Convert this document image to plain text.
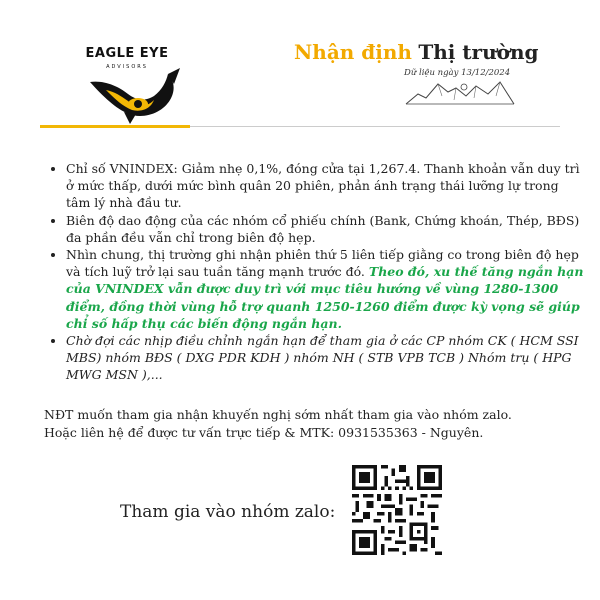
EAGLE EYE
ADVISORS
Nhận định Thị trường
Dữ liệu ngày 13/12/2024
• Chỉ số VNINDEX: Giảm nhẹ 0,1%, đóng cửa tại 1,267.4. Thanh khoản vẫn duy trì ở mức thấp, dưới mức bình quân 20 phiên, phản ánh trạng thái lưỡng lự trong tâm lý nhà đầu tư.
• Biên độ dao động của các nhóm cổ phiếu chính (Bank, Chứng khoán, Thép, BĐS) đa phần đều vẫn chỉ trong biên độ hẹp.
• Nhìn chung, thị trường ghi nhận phiên thứ 5 liên tiếp giằng co trong biên độ hẹp và tích luỹ trở lại sau tuần tăng mạnh trước đó. Theo đó, xu thế tăng ngắn hạn của VNINDEX vẫn được duy trì với mục tiêu hướng về vùng 1280-1300 điểm, đồng thời vùng hỗ trợ quanh 1250-1260 điểm được kỳ vọng sẽ giúp chỉ số hấp thụ các biến động ngắn hạn.
• Chờ đợi các nhịp điều chỉnh ngắn hạn để tham gia ở các CP nhóm CK ( HCM SSI MBS) nhóm BĐS ( DXG PDR KDH ) nhóm NH ( STB VPB TCB ) Nhóm trụ ( HPG MWG MSN ),...
NĐT muốn tham gia nhận khuyến nghị sớm nhất tham gia vào nhóm zalo.
Hoặc liên hệ để được tư vấn trực tiếp & MTK: 0931535363 - Nguyên.
Tham gia vào nhóm zalo:
